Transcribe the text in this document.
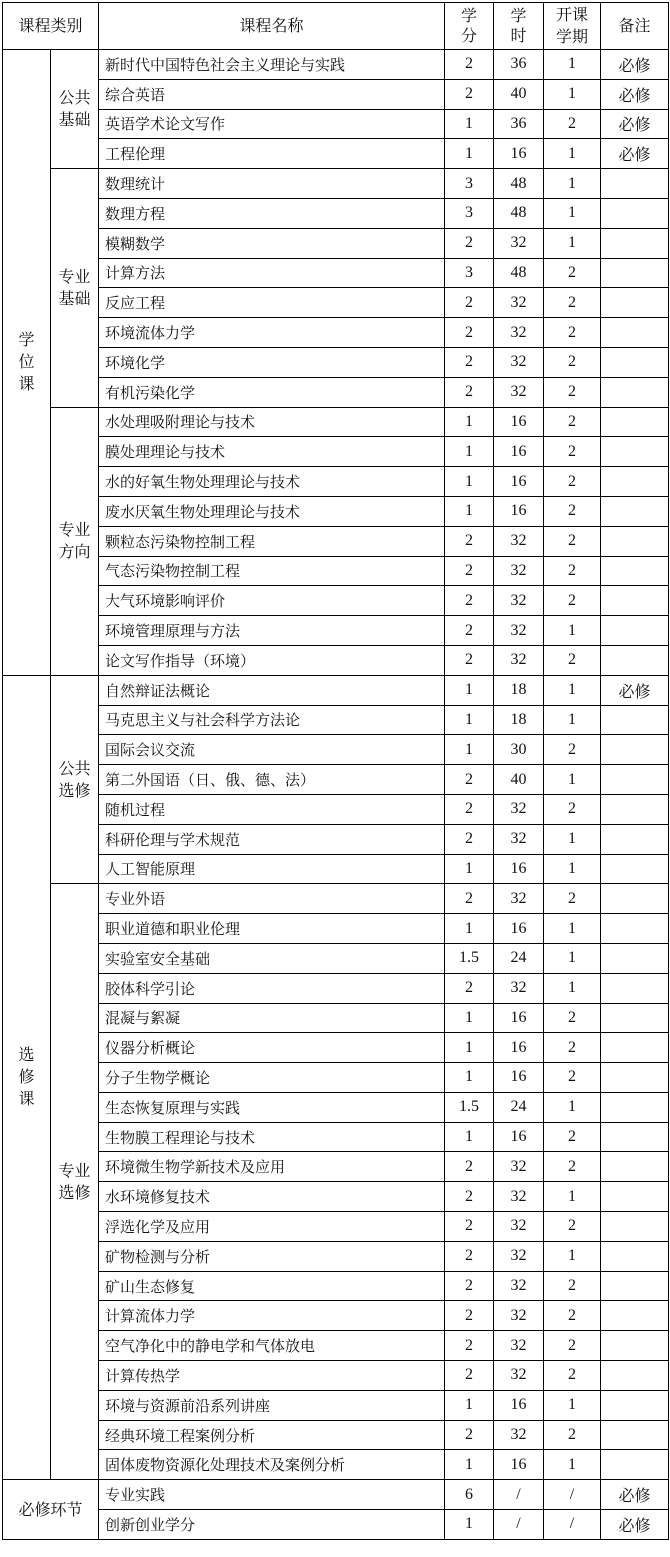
课程类别		课程名称	学分	学时	开课学期	备注

学位课	公共基础	新时代中国特色社会主义理论与实践	2	36	1	必修
		综合英语	2	40	1	必修
		英语学术论文写作	1	36	2	必修
		工程伦理	1	16	1	必修

	专业基础	数理统计	3	48	1	
		数理方程	3	48	1	
		模糊数学	2	32	1	
		计算方法	3	48	2	
		反应工程	2	32	2	
		环境流体力学	2	32	2	
		环境化学	2	32	2	
		有机污染化学	2	32	2	

	专业方向	水处理吸附理论与技术	1	16	2	
		膜处理理论与技术	1	16	2	
		水的好氧生物处理理论与技术	1	16	2	
		废水厌氧生物处理理论与技术	1	16	2	
		颗粒态污染物控制工程	2	32	2	
		气态污染物控制工程	2	32	2	
		大气环境影响评价	2	32	2	
		环境管理原理与方法	2	32	1	
		论文写作指导（环境）	2	32	2	

选修课	公共选修	自然辩证法概论	1	18	1	必修
		马克思主义与社会科学方法论	1	18	1	
		国际会议交流	1	30	2	
		第二外国语（日、俄、德、法）	2	40	1	
		随机过程	2	32	2	
		科研伦理与学术规范	2	32	1	
		人工智能原理	1	16	1	

	专业选修	专业外语	2	32	2	
		职业道德和职业伦理	1	16	1	
		实验室安全基础	1.5	24	1	
		胶体科学引论	2	32	1	
		混凝与絮凝	1	16	2	
		仪器分析概论	1	16	2	
		分子生物学概论	1	16	2	
		生态恢复原理与实践	1.5	24	1	
		生物膜工程理论与技术	1	16	2	
		环境微生物学新技术及应用	2	32	2	
		水环境修复技术	2	32	1	
		浮选化学及应用	2	32	2	
		矿物检测与分析	2	32	1	
		矿山生态修复	2	32	2	
		计算流体力学	2	32	2	
		空气净化中的静电学和气体放电	2	32	2	
		计算传热学	2	32	2	
		环境与资源前沿系列讲座	1	16	1	
		经典环境工程案例分析	2	32	2	
		固体废物资源化处理技术及案例分析	1	16	1	
必修环节		专业实践	6	/	/	必修
		创新创业学分	1	/	/	必修
